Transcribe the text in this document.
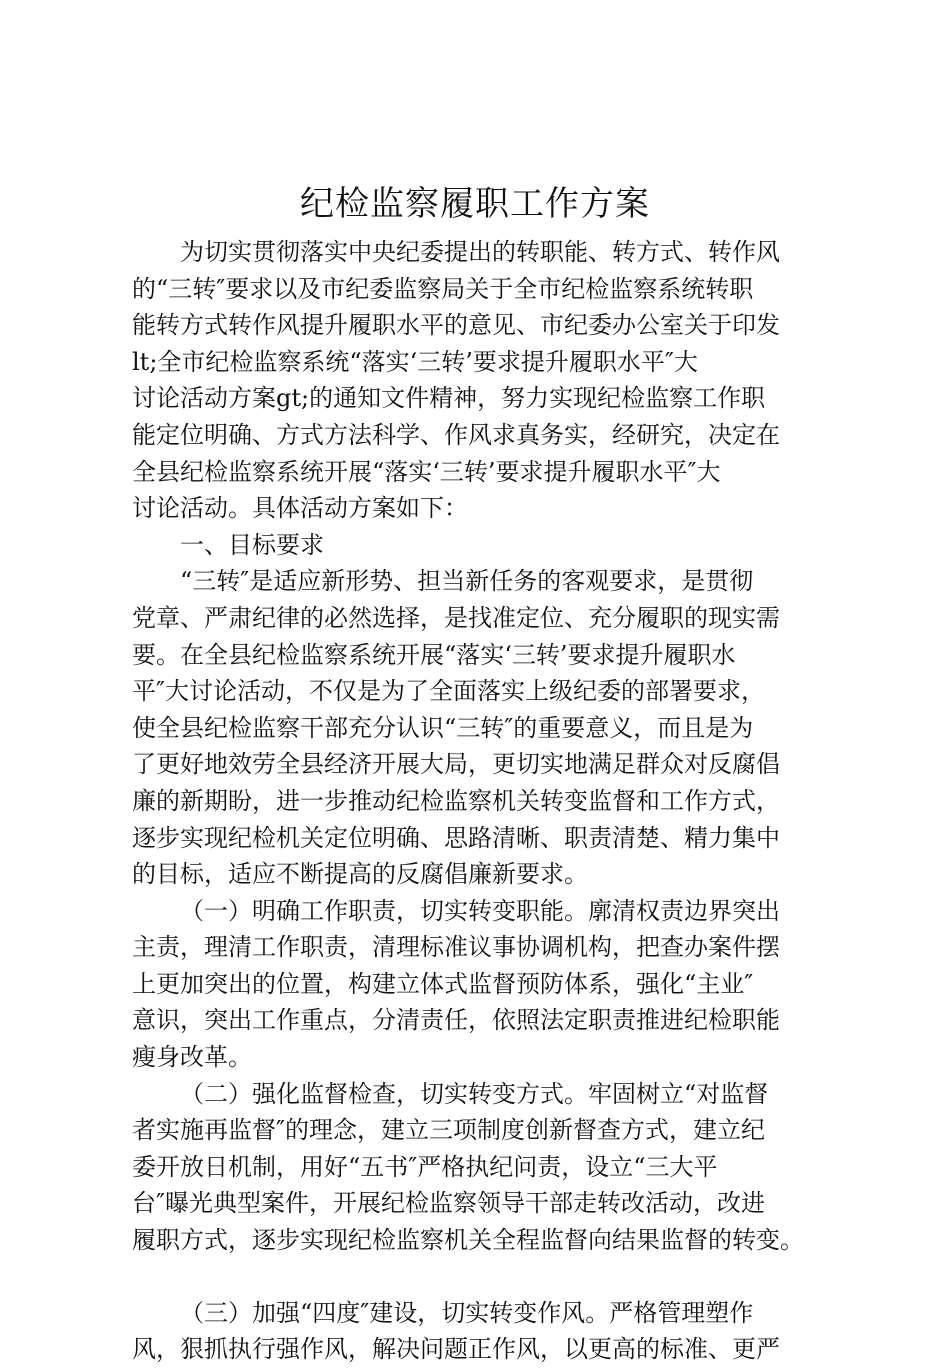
纪检监察履职工作方案
为切实贯彻落实中央纪委提出的转职能、转方式、转作风
的“三转″要求以及市纪委监察局关于全市纪检监察系统转职
能转方式转作风提升履职水平的意见、市纪委办公室关于印发
lt;全市纪检监察系统“落实‘三转’要求提升履职水平″大
讨论活动方案gt;的通知文件精神，努力实现纪检监察工作职
能定位明确、方式方法科学、作风求真务实，经研究，决定在
全县纪检监察系统开展“落实‘三转’要求提升履职水平″大
讨论活动。具体活动方案如下：
一、目标要求
“三转″是适应新形势、担当新任务的客观要求，是贯彻
党章、严肃纪律的必然选择，是找准定位、充分履职的现实需
要。在全县纪检监察系统开展“落实‘三转’要求提升履职水
平″大讨论活动，不仅是为了全面落实上级纪委的部署要求，
使全县纪检监察干部充分认识“三转″的重要意义，而且是为
了更好地效劳全县经济开展大局，更切实地满足群众对反腐倡
廉的新期盼，进一步推动纪检监察机关转变监督和工作方式，
逐步实现纪检机关定位明确、思路清晰、职责清楚、精力集中
的目标，适应不断提高的反腐倡廉新要求。
（一）明确工作职责，切实转变职能。廓清权责边界突出
主责，理清工作职责，清理标准议事协调机构，把查办案件摆
上更加突出的位置，构建立体式监督预防体系，强化“主业″
意识，突出工作重点，分清责任，依照法定职责推进纪检职能
瘦身改革。
（二）强化监督检查，切实转变方式。牢固树立“对监督
者实施再监督″的理念，建立三项制度创新督查方式，建立纪
委开放日机制，用好“五书″严格执纪问责，设立“三大平
台″曝光典型案件，开展纪检监察领导干部走转改活动，改进
履职方式，逐步实现纪检监察机关全程监督向结果监督的转变。
（三）加强“四度″建设，切实转变作风。严格管理塑作
风，狠抓执行强作风，解决问题正作风，以更高的标准、更严
